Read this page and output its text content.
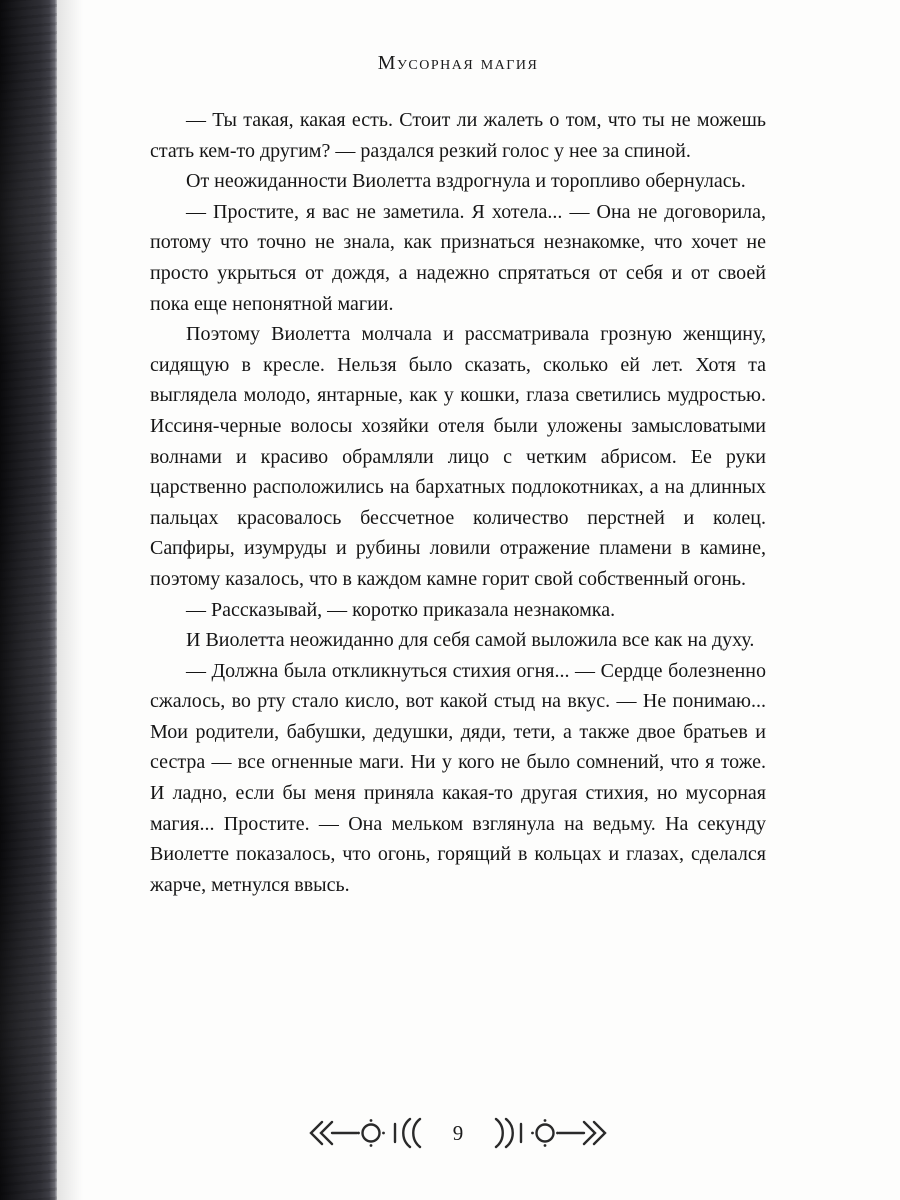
Мусорная магия

— Ты такая, какая есть. Стоит ли жалеть о том, что ты не можешь стать кем-то другим? — раздался резкий голос у нее за спиной.

От неожиданности Виолетта вздрогнула и торопливо обернулась.

— Простите, я вас не заметила. Я хотела... — Она не договорила, потому что точно не знала, как признаться незнакомке, что хочет не просто укрыться от дождя, а надежно спрятаться от себя и от своей пока еще непонятной магии.

Поэтому Виолетта молчала и рассматривала грозную женщину, сидящую в кресле. Нельзя было сказать, сколько ей лет. Хотя та выглядела молодо, янтарные, как у кошки, глаза светились мудростью. Иссиня-черные волосы хозяйки отеля были уложены замысловатыми волнами и красиво обрамляли лицо с четким абрисом. Ее руки царственно расположились на бархатных подлокотниках, а на длинных пальцах красовалось бессчетное количество перстней и колец. Сапфиры, изумруды и рубины ловили отражение пламени в камине, поэтому казалось, что в каждом камне горит свой собственный огонь.

— Рассказывай, — коротко приказала незнакомка.

И Виолетта неожиданно для себя самой выложила все как на духу.

— Должна была откликнуться стихия огня... — Сердце болезненно сжалось, во рту стало кисло, вот какой стыд на вкус. — Не понимаю... Мои родители, бабушки, дедушки, дяди, тети, а также двое братьев и сестра — все огненные маги. Ни у кого не было сомнений, что я тоже. И ладно, если бы меня приняла какая-то другая стихия, но мусорная магия... Простите. — Она мельком взглянула на ведьму. На секунду Виолетте показалось, что огонь, горящий в кольцах и глазах, сделался жарче, метнулся ввысь.

9
